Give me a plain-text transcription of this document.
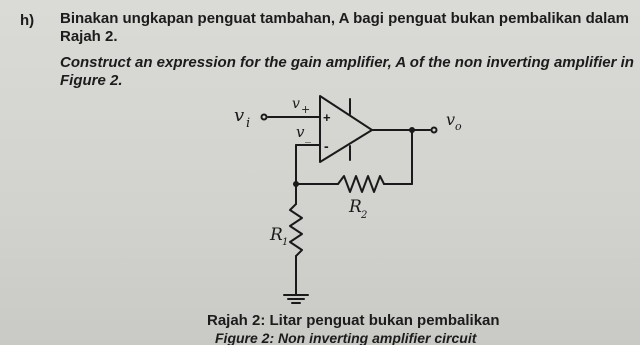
h) Binakan ungkapan penguat tambahan, A bagi penguat bukan pembalikan dalam
Rajah 2.
Construct an expression for the gain amplifier, A of the non inverting amplifier in
Figure 2.
+
-
v i
v +
v _
v o
R 2
R 1
Rajah 2: Litar penguat bukan pembalikan
Figure 2: Non inverting amplifier circuit
